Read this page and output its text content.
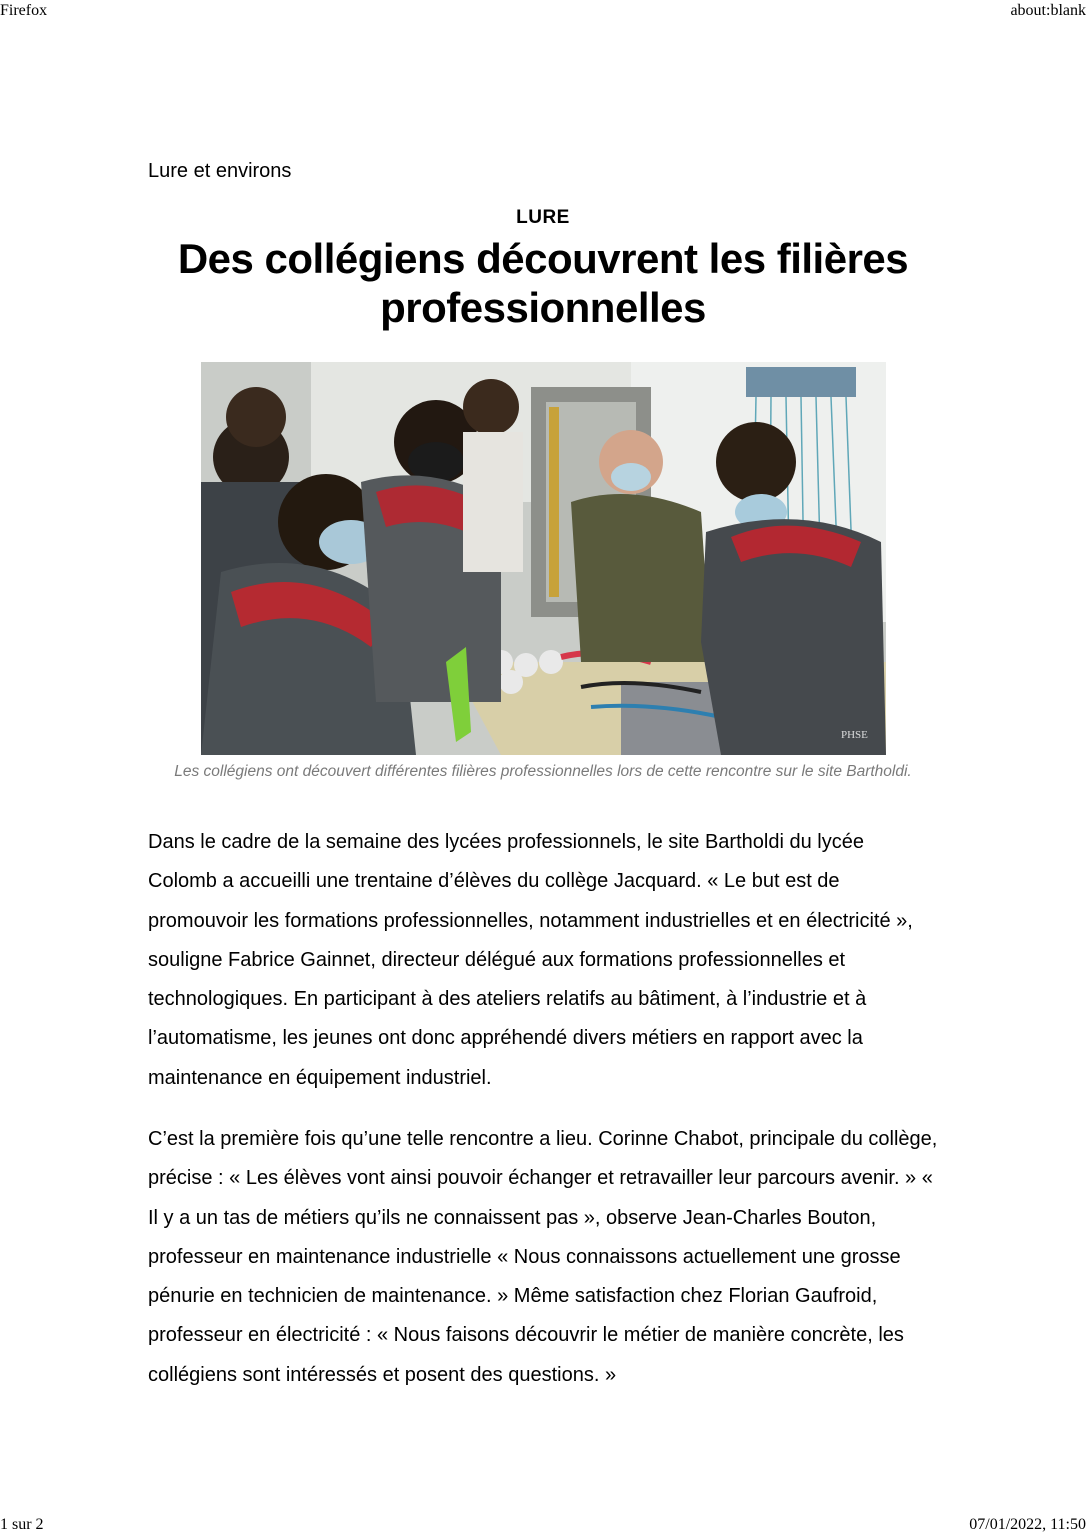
Firefox	about:blank
Lure et environs
LURE
Des collégiens découvrent les filières professionnelles
PHSE
Les collégiens ont découvert différentes filières professionnelles lors de cette rencontre sur le site Bartholdi.

Dans le cadre de la semaine des lycées professionnels, le site Bartholdi du lycée Colomb a accueilli une trentaine d’élèves du collège Jacquard. « Le but est de promouvoir les formations professionnelles, notamment industrielles et en électricité », souligne Fabrice Gainnet, directeur délégué aux formations professionnelles et technologiques. En participant à des ateliers relatifs au bâtiment, à l’industrie et à l’automatisme, les jeunes ont donc appréhendé divers métiers en rapport avec la maintenance en équipement industriel.

C’est la première fois qu’une telle rencontre a lieu. Corinne Chabot, principale du collège, précise : « Les élèves vont ainsi pouvoir échanger et retravailler leur parcours avenir. » « Il y a un tas de métiers qu’ils ne connaissent pas », observe Jean-Charles Bouton, professeur en maintenance industrielle « Nous connaissons actuellement une grosse pénurie en technicien de maintenance. » Même satisfaction chez Florian Gaufroid, professeur en électricité : « Nous faisons découvrir le métier de manière concrète, les collégiens sont intéressés et posent des questions. »

1 sur 2	07/01/2022, 11:50
